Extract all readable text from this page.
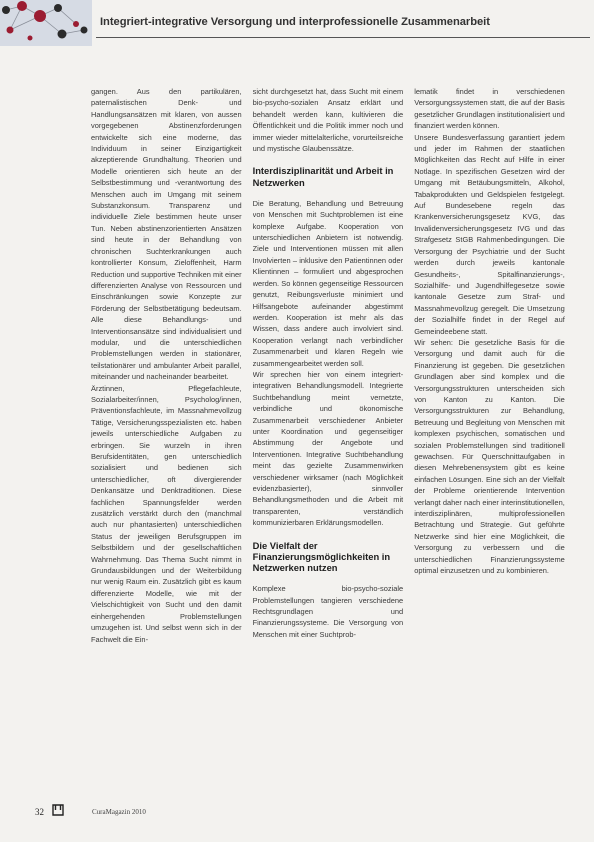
Integriert-integrative Versorgung und interprofessionelle Zusammenarbeit

gangen. Aus den partikulären, paternalistischen Denk- und Handlungsansätzen mit klaren, von aussen vorgegebenen Abstinenzforderungen entwickelte sich eine moderne, das Individuum in seiner Einzigartigkeit akzeptierende Grundhaltung. Theorien und Modelle orientieren sich heute an der Selbstbestimmung und -verantwortung des Menschen auch im Umgang mit seinem Substanzkonsum. Transparenz und individuelle Ziele bestimmen heute unser Tun. Neben abstinenzorientierten Ansätzen sind heute in der Behandlung von chronischen Suchterkrankungen auch kontrollierter Konsum, Zieloffenheit, Harm Reduction und supportive Techniken mit einer differenzierten Analyse von Ressourcen und Einschränkungen sowie Konzepte zur Förderung der Selbstbetätigung bedeutsam. Alle diese Behandlungs- und Interventionsansätze sind individualisiert und modular, und die unterschiedlichen Problemstellungen werden in stationärer, teilstationärer und ambulanter Arbeit parallel, miteinander und nacheinander bearbeitet.

Ärztinnen, Pflegefachleute, Sozialarbeiter/innen, Psycholog/innen, Präventionsfachleute, im Massnahmevollzug Tätige, Versicherungsspezialisten etc. haben jeweils unterschiedliche Aufgaben zu erbringen. Sie wurzeln in ihren Berufsidentitäten, gen unterschiedlich sozialisiert und bedienen sich unterschiedlicher, oft divergierender Denkansätze und Denktraditionen. Diese fachlichen Spannungsfelder werden zusätzlich verstärkt durch den (manchmal auch nur phantasierten) unterschiedlichen Status der jeweiligen Berufsgruppen im Selbstbildern und der gesellschaftlichen Wahrnehmung. Das Thema Sucht nimmt in Grundausbildungen und der Weiterbildung nur wenig Raum ein. Zusätzlich gibt es kaum differenzierte Modelle, wie mit der Vielschichtigkeit von Sucht und den damit einhergehenden Problemstellungen umzugehen ist. Und selbst wenn sich in der Fachwelt die Ein-

sicht durchgesetzt hat, dass Sucht mit einem bio-psycho-sozialen Ansatz erklärt und behandelt werden kann, kultivieren die Öffentlichkeit und die Politik immer noch und immer wieder mittelalterliche, vorurteilsreiche und mystische Glaubenssätze.

Interdisziplinarität und Arbeit in Netzwerken

Die Beratung, Behandlung und Betreuung von Menschen mit Suchtproblemen ist eine komplexe Aufgabe. Kooperation von unterschiedlichen Anbietern ist notwendig. Ziele und Interventionen müssen mit allen Involvierten – inklusive den Patientinnen oder Klientinnen – formuliert und abgesprochen werden. So können gegenseitige Ressourcen genutzt, Reibungsverluste minimiert und Hilfsangebote aufeinander abgestimmt werden. Kooperation ist mehr als das Wissen, dass andere auch involviert sind. Kooperation verlangt nach verbindlicher Zusammenarbeit und klaren Regeln wie zusammengearbeitet werden soll.

Wir sprechen hier von einem integriert-integrativen Behandlungsmodell. Integrierte Suchtbehandlung meint vernetzte, verbindliche und ökonomische Zusammenarbeit verschiedener Anbieter unter Koordination und gegenseitiger Abstimmung der Angebote und Interventionen. Integrative Suchtbehandlung meint das gezielte Zusammenwirken verschiedener wirksamer (nach Möglichkeit evidenzbasierter), sinnvoller Behandlungsmethoden und die Arbeit mit transparenten, verständlich kommunizierbaren Erklärungsmodellen.

Die Vielfalt der Finanzierungsmöglichkeiten in Netzwerken nutzen

Komplexe bio-psycho-soziale Problemstellungen tangieren verschiedene Rechtsgrundlagen und Finanzierungssysteme. Die Versorgung von Menschen mit einer Suchtprob-

lematik findet in verschiedenen Versorgungssystemen statt, die auf der Basis gesetzlicher Grundlagen institutionalisiert und finanziert werden können.

Unsere Bundesverfassung garantiert jedem und jeder im Rahmen der staatlichen Möglichkeiten das Recht auf Hilfe in einer Notlage. In spezifischen Gesetzen wird der Umgang mit Betäubungsmitteln, Alkohol, Tabakprodukten und Geldspielen festgelegt. Auf Bundesebene regeln das Krankenversicherungsgesetz KVG, das Invalidenversicherungsgesetz IVG und das Strafgesetz StGB Rahmenbedingungen. Die Versorgung der Psychiatrie und der Sucht werden durch jeweils kantonale Gesundheits-, Spitalfinanzierungs-, Sozialhilfe- und Jugendhilfegesetze sowie kantonale Gesetze zum Straf- und Massnahmevollzug geregelt. Die Umsetzung der Sozialhilfe findet in der Regel auf Gemeindeebene statt.

Wir sehen: Die gesetzliche Basis für die Versorgung und damit auch für die Finanzierung ist gegeben. Die gesetzlichen Grundlagen aber sind komplex und die Versorgungsstrukturen unterscheiden sich von Kanton zu Kanton. Die Versorgungsstrukturen zur Behandlung, Betreuung und Begleitung von Menschen mit komplexen psychischen, somatischen und sozialen Problemstellungen sind traditionell gewachsen. Für Querschnittaufgaben in diesen Mehrebenensystem gibt es keine einfachen Lösungen. Eine sich an der Vielfalt der Probleme orientierende Intervention verlangt daher nach einer interinstitutionellen, interdisziplinären, multiprofessionellen Betrachtung und Strategie. Gut geführte Netzwerke sind hier eine Möglichkeit, die Versorgung zu verbessern und die unterschiedlichen Finanzierungssysteme optimal einzusetzen und zu kombinieren.

32	CuraMagazin 2010
